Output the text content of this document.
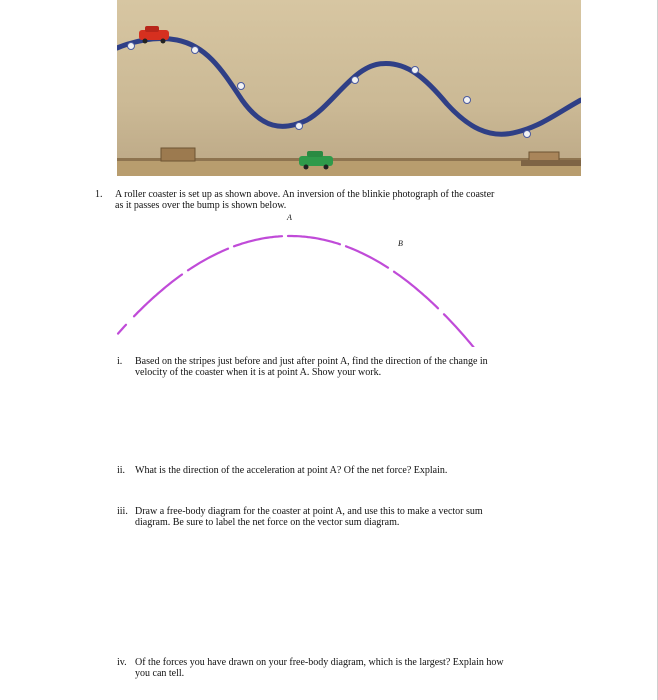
1. A roller coaster is set up as shown above. An inversion of the blinkie photograph of the coaster
as it passes over the bump is shown below.
A
B
i. Based on the stripes just before and just after point A, find the direction of the change in
velocity of the coaster when it is at point A. Show your work.
ii. What is the direction of the acceleration at point A? Of the net force? Explain.
iii. Draw a free-body diagram for the coaster at point A, and use this to make a vector sum
diagram. Be sure to label the net force on the vector sum diagram.
iv. Of the forces you have drawn on your free-body diagram, which is the largest? Explain how
you can tell.
